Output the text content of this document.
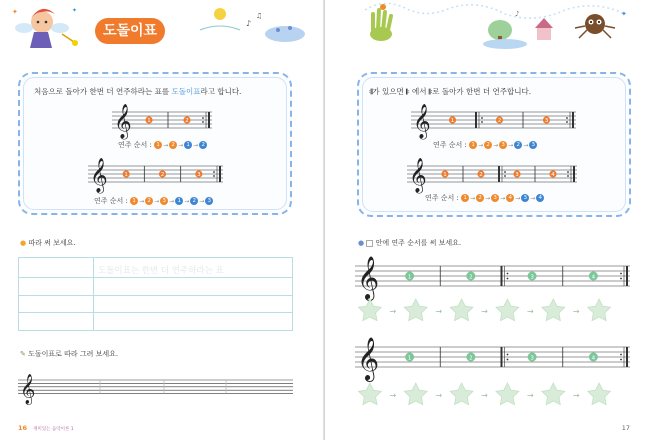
✦	✦
도돌이표	♪
♫
처음으로 돌아가 한번 더 연주하라는 표를 도돌이표라고 합니다.
𝄞	1	2
연주 순서 : 1 → 2 → 1 → 2
𝄞	1	2	3
연주 순서 : 1 → 2 → 3 → 1 → 2 → 3
● 따라 써 보세요.
	도돌이표는 한번 더 연주하라는 표

✎ 도돌이표로 따라 그려 보세요.
𝄞
16 재미있는 음악이론 1
♪	✦
𝄇가 있으면 𝄆 에서 𝄆로 돌아가 한번 더 연주합니다.
𝄞	1	2	3
연주 순서 : 1 → 2 → 3 → 2 → 3
𝄞	1	2	3	4
연주 순서 : 1 → 2 → 3 → 4 → 3 → 4
● 안에 연주 순서를 써 보세요.
𝄞	1	2	3	4
→	→	→	→	→
𝄞	1	2	3	4
→	→	→	→	→
17
